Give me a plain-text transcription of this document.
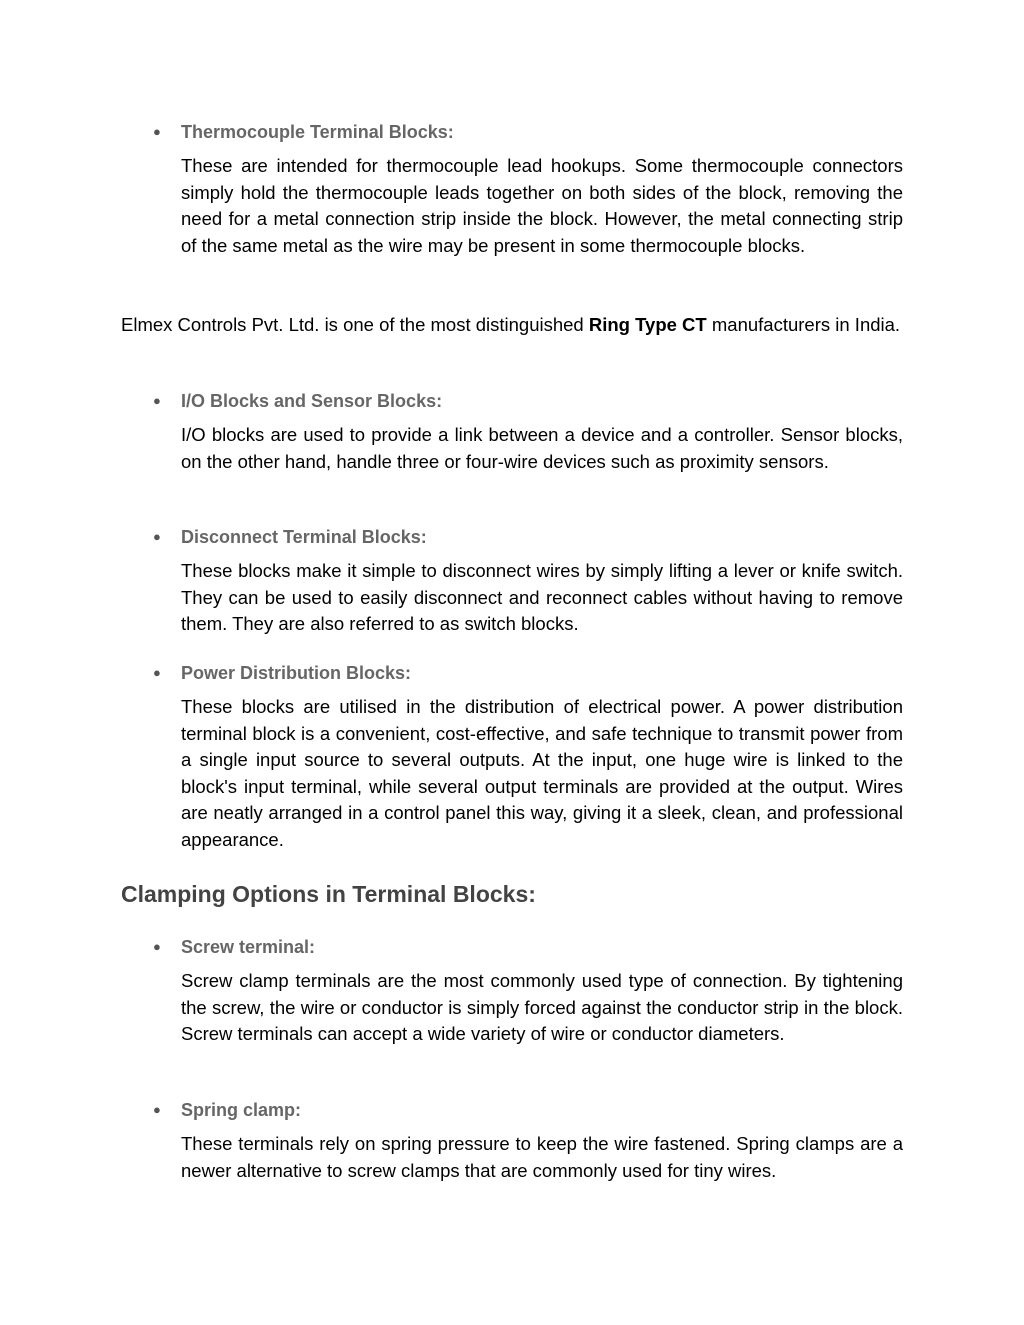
● Thermocouple Terminal Blocks:
These are intended for thermocouple lead hookups. Some thermocouple connectors simply hold the thermocouple leads together on both sides of the block, removing the need for a metal connection strip inside the block. However, the metal connecting strip of the same metal as the wire may be present in some thermocouple blocks.
Elmex Controls Pvt. Ltd. is one of the most distinguished Ring Type CT manufacturers in India.
● I/O Blocks and Sensor Blocks:
I/O blocks are used to provide a link between a device and a controller. Sensor blocks, on the other hand, handle three or four-wire devices such as proximity sensors.
● Disconnect Terminal Blocks:
These blocks make it simple to disconnect wires by simply lifting a lever or knife switch. They can be used to easily disconnect and reconnect cables without having to remove them. They are also referred to as switch blocks.
● Power Distribution Blocks:
These blocks are utilised in the distribution of electrical power. A power distribution terminal block is a convenient, cost-effective, and safe technique to transmit power from a single input source to several outputs. At the input, one huge wire is linked to the block's input terminal, while several output terminals are provided at the output. Wires are neatly arranged in a control panel this way, giving it a sleek, clean, and professional appearance.
Clamping Options in Terminal Blocks:
● Screw terminal:
Screw clamp terminals are the most commonly used type of connection. By tightening the screw, the wire or conductor is simply forced against the conductor strip in the block. Screw terminals can accept a wide variety of wire or conductor diameters.
● Spring clamp:
These terminals rely on spring pressure to keep the wire fastened. Spring clamps are a newer alternative to screw clamps that are commonly used for tiny wires.
